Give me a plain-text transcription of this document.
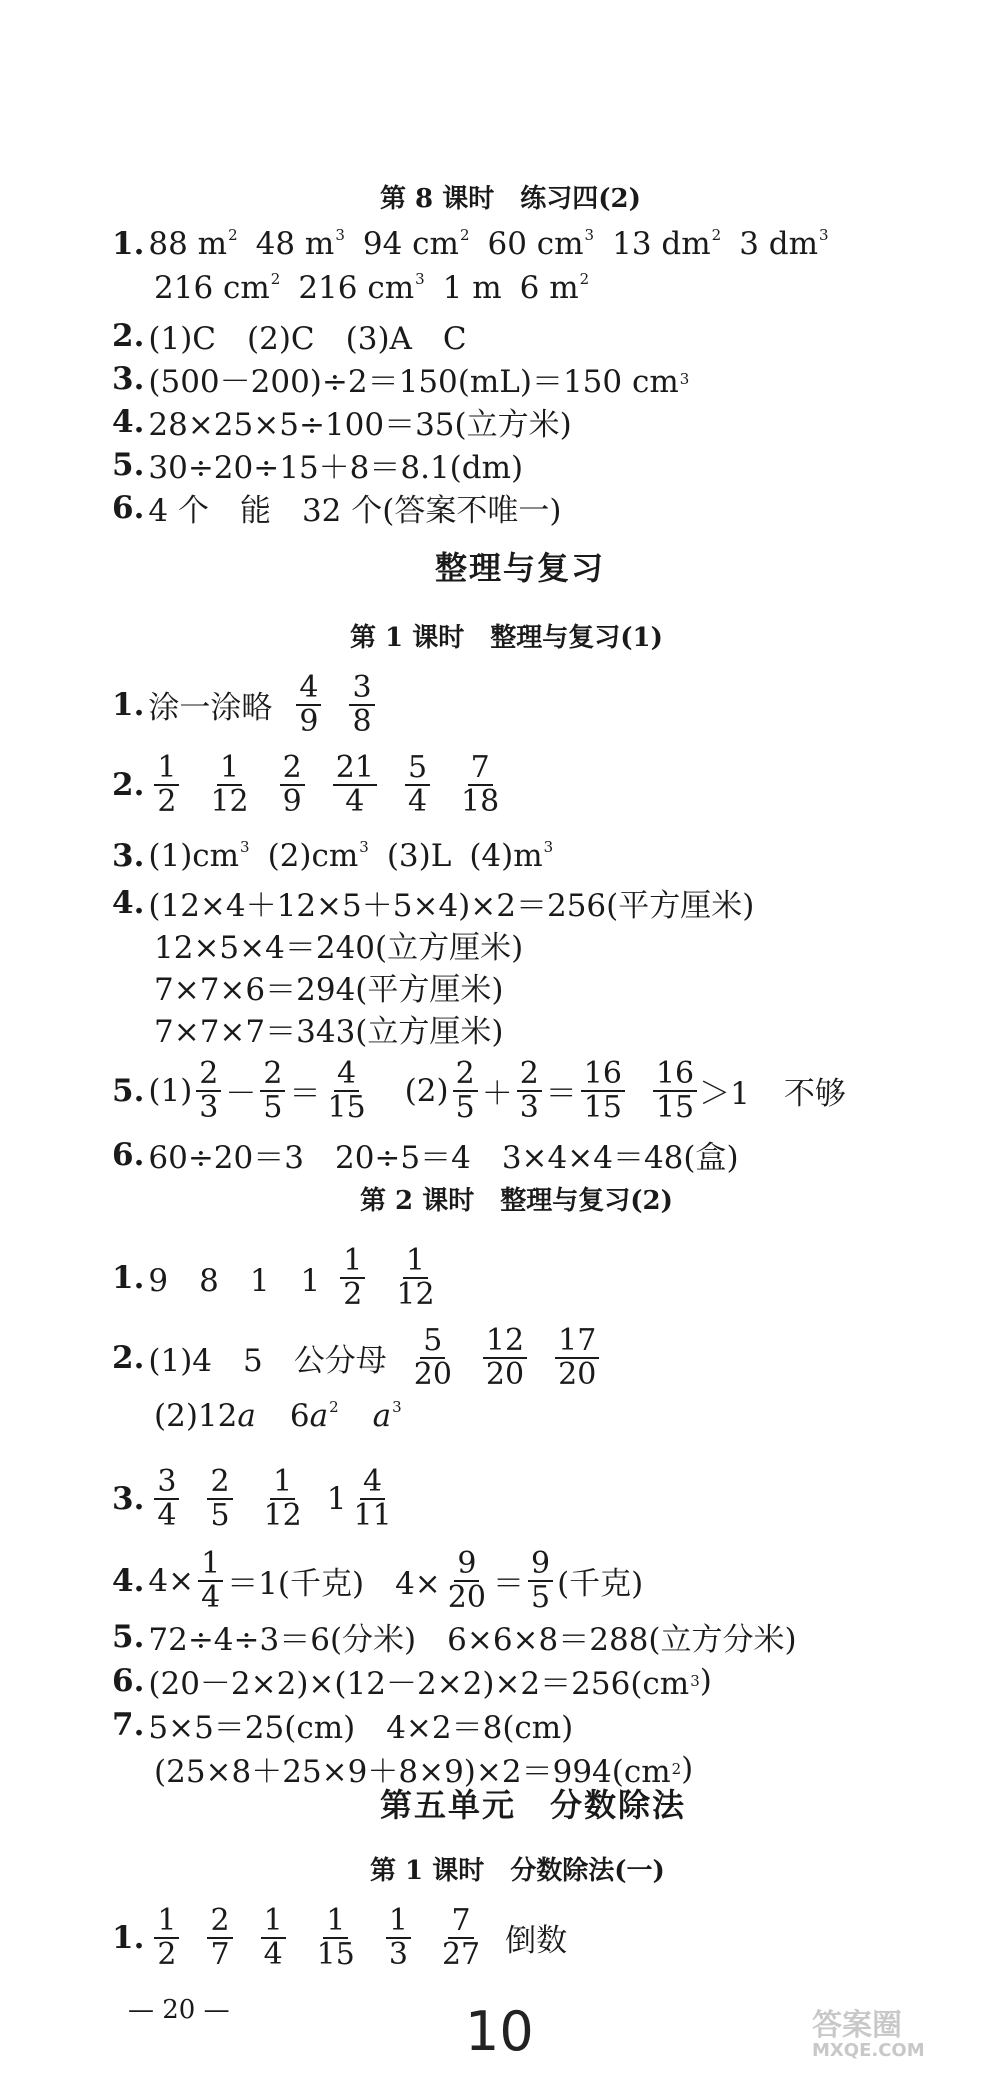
第 8 课时　练习四(2)
1. 88 $m^2$ 48 $m^3$ 94 $cm^2$ 60 $cm^3$ 13 $dm^2$ 3 $dm^3$
216 $cm^2$ 216 $cm^3$ 1 m 6 $m^2$
2. (1)C　(2)C　(3)A　C
3. (500－200)÷2＝150(mL)＝150 cm 3
4. 28×25×5÷100＝35(立方米)
5. 30÷20÷15＋8＝8.1(dm)
6. 4 个　能　32 个(答案不唯一)
整理与复习
第 1 课时　整理与复习(1)
1. 涂一涂略 $\frac{4}{9} \frac{3}{8}$
2. $\frac{1}{2} \frac{1}{12} \frac{2}{9} \frac{21}{4} \frac{5}{4} \frac{7}{18}$
3. $(1)cm^3$ $(2)cm^3$ (3)L $(4)m^3$
4. (12×4＋12×5＋5×4)×2＝256(平方厘米)
12×5×4＝240(立方厘米)
7×7×6＝294(平方厘米)
7×7×7＝343(立方厘米)
5. $(1) \frac{2}{3} - \frac{2}{5} = \frac{4}{15} (2) \frac{2}{5} + \frac{2}{3} = \frac{16}{15} \frac{16}{15} >1$ 不够
6. 60÷20＝3　20÷5＝4　3×4×4＝48(盒)
第 2 课时　整理与复习(2)
1. 9　8　1　$1 \frac{1}{2} \frac{1}{12}$
2. (1)4　5　公分母 $\frac{5}{20} \frac{12}{20} \frac{17}{20}$
(2)12a $6a^2$ $a^3$
3. $\frac{3}{4} \frac{2}{5} \frac{1}{12} 1 \frac{4}{11}$
4. $4\times \frac{1}{4} =1$(千克)　$4\times \frac{9}{20} = \frac{9}{5}$ (千克)
5. 72÷4÷3＝6(分米)　6×6×8＝288(立方分米)
6. (20－2×2)×(12－2×2)×2＝256(cm 3 )
7. 5×5＝25(cm)　4×2＝8(cm)
(25×8＋25×9＋8×9)×2＝994(cm 2 )
第五单元　分数除法
第 1 课时　分数除法(一)
1. $\frac{1}{2} \frac{2}{7} \frac{1}{4} \frac{1}{15} \frac{1}{3} \frac{7}{27}$ 倒数
— 20 —	10	答案圈
MXQE.COM
